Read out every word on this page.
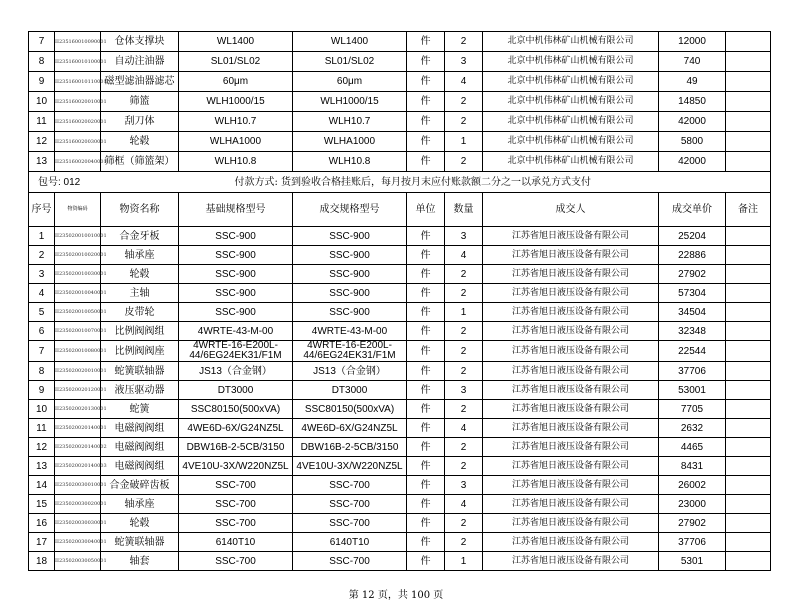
7	II235160010090001	仓体支撑块	WL1400	WL1400	件	2	北京中机伟林矿山机械有限公司	12000	
8	II235160010100001	自动注油器	SL01/SL02	SL01/SL02	件	3	北京中机伟林矿山机械有限公司	740	
9	II235160010110001	磁型滤油器滤芯	60μm	60μm	件	4	北京中机伟林矿山机械有限公司	49	
10	II235160020010001	筛篮	WLH1000/15	WLH1000/15	件	2	北京中机伟林矿山机械有限公司	14850	
11	II235160020020001	刮刀体	WLH10.7	WLH10.7	件	2	北京中机伟林矿山机械有限公司	42000	
12	II235160020030001	轮毂	WLHA1000	WLHA1000	件	1	北京中机伟林矿山机械有限公司	5800	
13	II235160020040001	筛框（筛篮架）	WLH10.8	WLH10.8	件	2	北京中机伟林矿山机械有限公司	42000	
包号: 012			付款方式: 货到验收合格挂账后，每月按月末应付账款额二分之一以承兑方式支付						
序号	物资编码	物资名称	基础规格型号	成交规格型号	单位	数量	成交人	成交单价	备注
1	II235020010010001	合金牙板	SSC-900	SSC-900	件	3	江苏省旭日液压设备有限公司	25204	
2	II235020010020001	轴承座	SSC-900	SSC-900	件	4	江苏省旭日液压设备有限公司	22886	
3	II235020010030001	轮毂	SSC-900	SSC-900	件	2	江苏省旭日液压设备有限公司	27902	
4	II235020010040001	主轴	SSC-900	SSC-900	件	2	江苏省旭日液压设备有限公司	57304	
5	II235020010050001	皮带轮	SSC-900	SSC-900	件	1	江苏省旭日液压设备有限公司	34504	
6	II235020010070001	比例阀阀组	4WRTE-43-M-00	4WRTE-43-M-00	件	2	江苏省旭日液压设备有限公司	32348	
7	II235020010080001	比例阀阀座	4WRTE-16-E200L-44/6EG24EK31/F1M	4WRTE-16-E200L-44/6EG24EK31/F1M	件	2	江苏省旭日液压设备有限公司	22544	
8	II235020020010001	蛇簧联轴器	JS13（合金钢）	JS13（合金钢）	件	2	江苏省旭日液压设备有限公司	37706	
9	II235020020120001	液压驱动器	DT3000	DT3000	件	3	江苏省旭日液压设备有限公司	53001	
10	II235020020130001	蛇簧	SSC80150(500xVA)	SSC80150(500xVA)	件	2	江苏省旭日液压设备有限公司	7705	
11	II235020020140001	电磁阀阀组	4WE6D-6X/G24NZ5L	4WE6D-6X/G24NZ5L	件	4	江苏省旭日液压设备有限公司	2632	
12	II235020020140002	电磁阀阀组	DBW16B-2-5CB/3150	DBW16B-2-5CB/3150	件	2	江苏省旭日液压设备有限公司	4465	
13	II235020020140003	电磁阀阀组	4VE10U-3X/W220NZ5L	4VE10U-3X/W220NZ5L	件	2	江苏省旭日液压设备有限公司	8431	
14	II235020030010001	合金破碎齿板	SSC-700	SSC-700	件	3	江苏省旭日液压设备有限公司	26002	
15	II235020030020001	轴承座	SSC-700	SSC-700	件	4	江苏省旭日液压设备有限公司	23000	
16	II235020030030001	轮毂	SSC-700	SSC-700	件	2	江苏省旭日液压设备有限公司	27902	
17	II235020030040001	蛇簧联轴器	6140T10	6140T10	件	2	江苏省旭日液压设备有限公司	37706	
18	II235020030050001	轴套	SSC-700	SSC-700	件	1	江苏省旭日液压设备有限公司	5301	
第 12 页，共 100 页
